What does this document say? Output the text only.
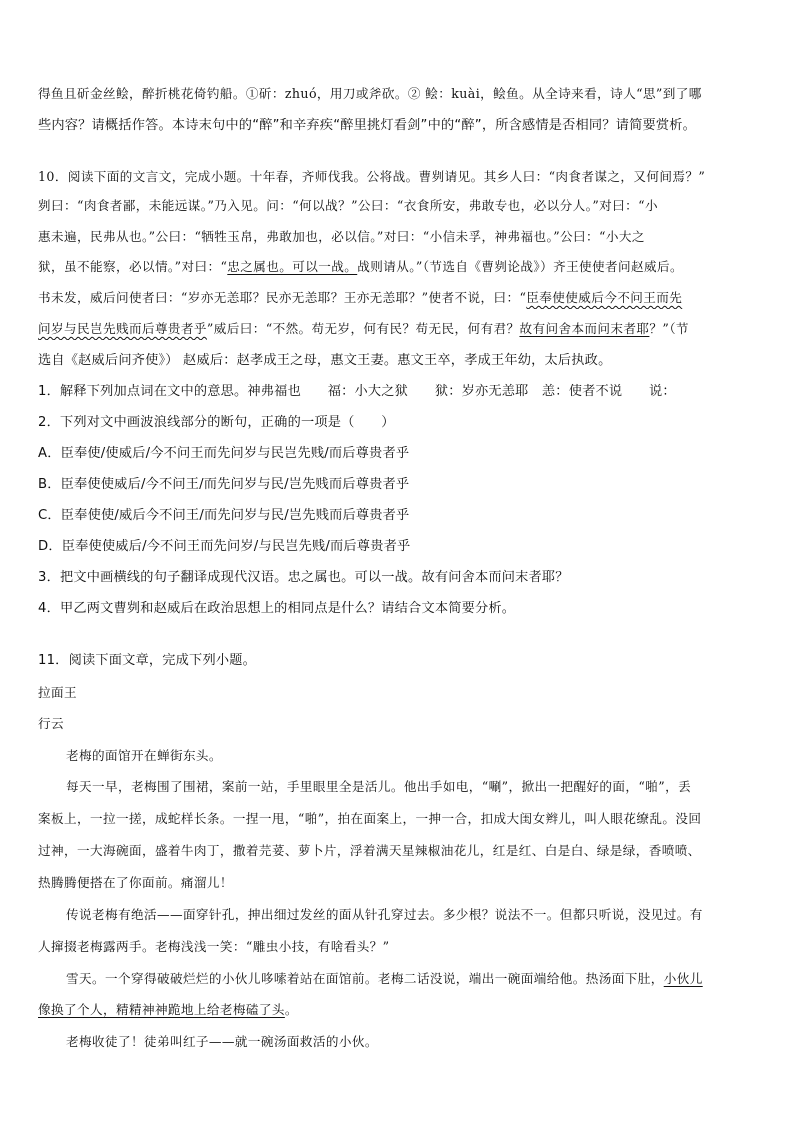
得鱼且斫金丝鲙，醉折桃花倚钓船。①斫：zhuó，用刀或斧砍。② 鲙：kuài，鲙鱼。从全诗来看，诗人“思”到了哪
些内容？请概括作答。本诗末句中的“醉”和辛弃疾“醉里挑灯看剑”中的“醉”，所含感情是否相同？请简要赏析。
10．阅读下面的文言文，完成小题。十年春，齐师伐我。公将战。曹刿请见。其乡人曰：“肉食者谋之，又何间焉？”
刿曰：“肉食者鄙，未能远谋。”乃入见。问：“何以战？”公曰：“衣食所安，弗敢专也，必以分人。”对曰：“小
惠未遍，民弗从也。”公曰：“牺牲玉帛，弗敢加也，必以信。”对曰：“小信未孚，神弗福也。”公曰：“小大之
狱，虽不能察，必以情。”对曰：“忠之属也。可以一战。战则请从。”（节选自《曹刿论战》）齐王使使者问赵威后。
书未发，威后问使者曰：“岁亦无恙耶？民亦无恙耶？王亦无恙耶？”使者不说，曰：“臣奉使使威后今不问王而先
问岁与民岂先贱而后尊贵者乎”威后曰：“不然。苟无岁，何有民？苟无民，何有君？故有问舍本而问末者耶？”（节
选自《赵威后问齐使》） 赵威后：赵孝成王之母，惠文王妻。惠文王卒，孝成王年幼，太后执政。
1．解释下列加点词在文中的意思。神弗福也　　福：小大之狱　　狱：岁亦无恙耶　恙：使者不说　　说：
2．下列对文中画波浪线部分的断句，正确的一项是（　　）
A．臣奉使/使威后/今不问王而先问岁与民岂先贱/而后尊贵者乎
B．臣奉使使威后/今不问王/而先问岁与民/岂先贱而后尊贵者乎
C．臣奉使使/威后今不问王/而先问岁与民/岂先贱而后尊贵者乎
D．臣奉使使威后/今不问王而先问岁/与民岂先贱/而后尊贵者乎
3．把文中画横线的句子翻译成现代汉语。忠之属也。可以一战。故有问舍本而问末者耶？
4．甲乙两文曹刿和赵威后在政治思想上的相同点是什么？请结合文本简要分析。
11．阅读下面文章，完成下列小题。
拉面王
行云
老梅的面馆开在蝉街东头。
每天一早，老梅围了围裙，案前一站，手里眼里全是活儿。他出手如电，“唰”，掀出一把醒好的面，“啪”，丢
案板上，一拉一搓，成蛇样长条。一捏一甩，“啪”，拍在面案上，一抻一合，扣成大闺女辫儿，叫人眼花缭乱。没回
过神，一大海碗面，盛着牛肉丁，撒着芫荽、萝卜片，浮着满天星辣椒油花儿，红是红、白是白、绿是绿，香喷喷、
热腾腾便搭在了你面前。痛溜儿！
传说老梅有绝活——面穿针孔，抻出细过发丝的面从针孔穿过去。多少根？说法不一。但都只听说，没见过。有
人撺掇老梅露两手。老梅浅浅一笑：“雕虫小技，有啥看头？”
雪天。一个穿得破破烂烂的小伙儿哆嗦着站在面馆前。老梅二话没说，端出一碗面端给他。热汤面下肚，小伙儿
像换了个人，精精神神跪地上给老梅磕了头。
老梅收徒了！徒弟叫红子——就一碗汤面救活的小伙。
